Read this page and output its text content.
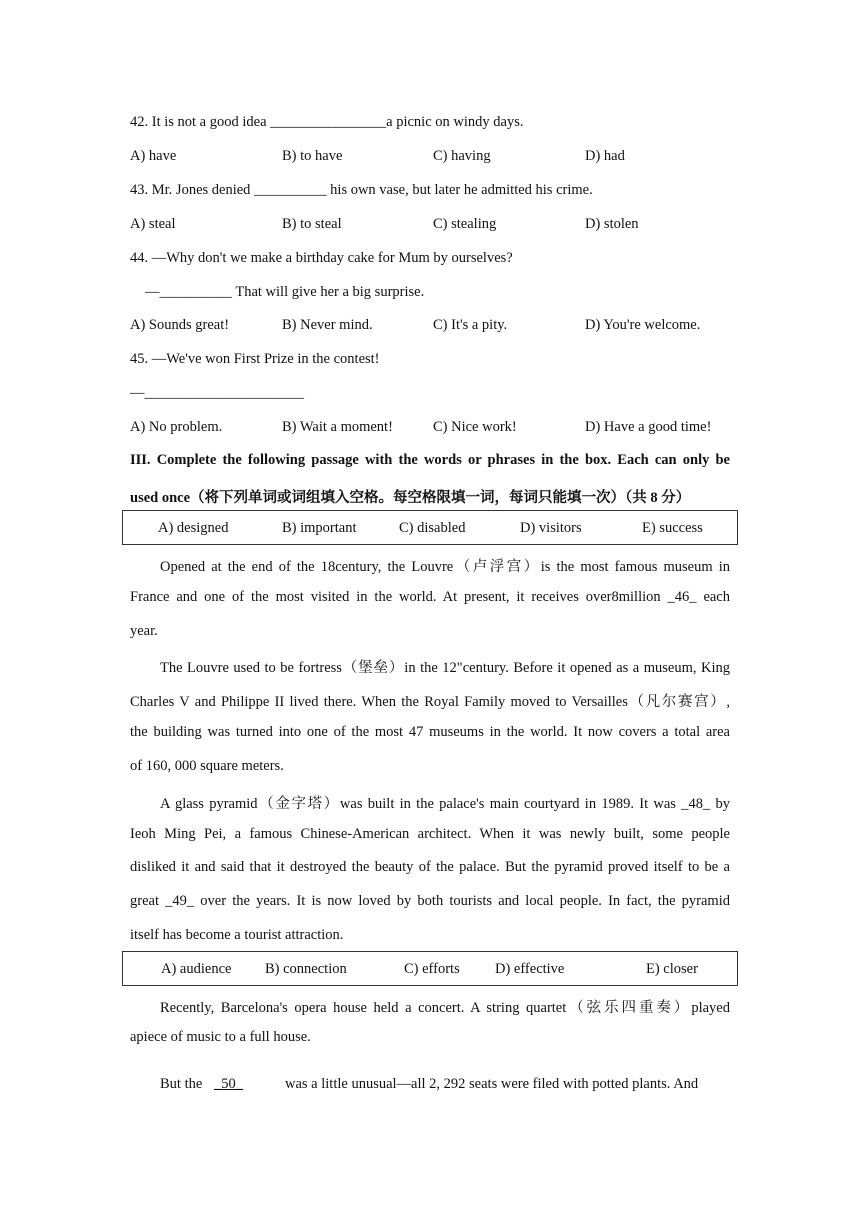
42. It is not a good idea ________________a picnic on windy days.
A) have	B) to have	C) having	D) had
43. Mr. Jones denied __________ his own vase, but later he admitted his crime.
A) steal	B) to steal	C) stealing	D) stolen
44. —Why don't we make a birthday cake for Mum by ourselves?
—__________ That will give her a big surprise.
A) Sounds great!	B) Never mind.	C) It's a pity.	D) You're welcome.
45. —We've won First Prize in the contest!
—______________________
A) No problem.	B) Wait a moment!	C) Nice work!	D) Have a good time!
III. Complete the following passage with the words or phrases in the box. Each can only be
used once（将下列单词或词组填入空格。每空格限填一词，每词只能填一次）（共 8 分）
A) designed	B) important	C) disabled	D) visitors	E) success
Opened at the end of the 18century, the Louvre（卢浮宫）is the most famous museum in
France and one of the most visited in the world. At present, it receives over8million _46_ each
year.
The Louvre used to be fortress（堡垒）in the 12"century. Before it opened as a museum, King
Charles V and Philippe II lived there. When the Royal Family moved to Versailles（凡尔赛宫）,
the building was turned into one of the most 47 museums in the world. It now covers a total area
of 160, 000 square meters.
A glass pyramid（金字塔）was built in the palace's main courtyard in 1989. It was _48_ by
Ieoh Ming Pei, a famous Chinese-American architect. When it was newly built, some people
disliked it and said that it destroyed the beauty of the palace. But the pyramid proved itself to be a
great _49_ over the years. It is now loved by both tourists and local people. In fact, the pyramid
itself has become a tourist attraction.
A) audience B) connection	C) efforts D) effective	E) closer
Recently, Barcelona's opera house held a concert. A string quartet（弦乐四重奏）played
apiece of music to a full house.
But the _50_	was a little unusual—all 2, 292 seats were filed with potted plants. And
